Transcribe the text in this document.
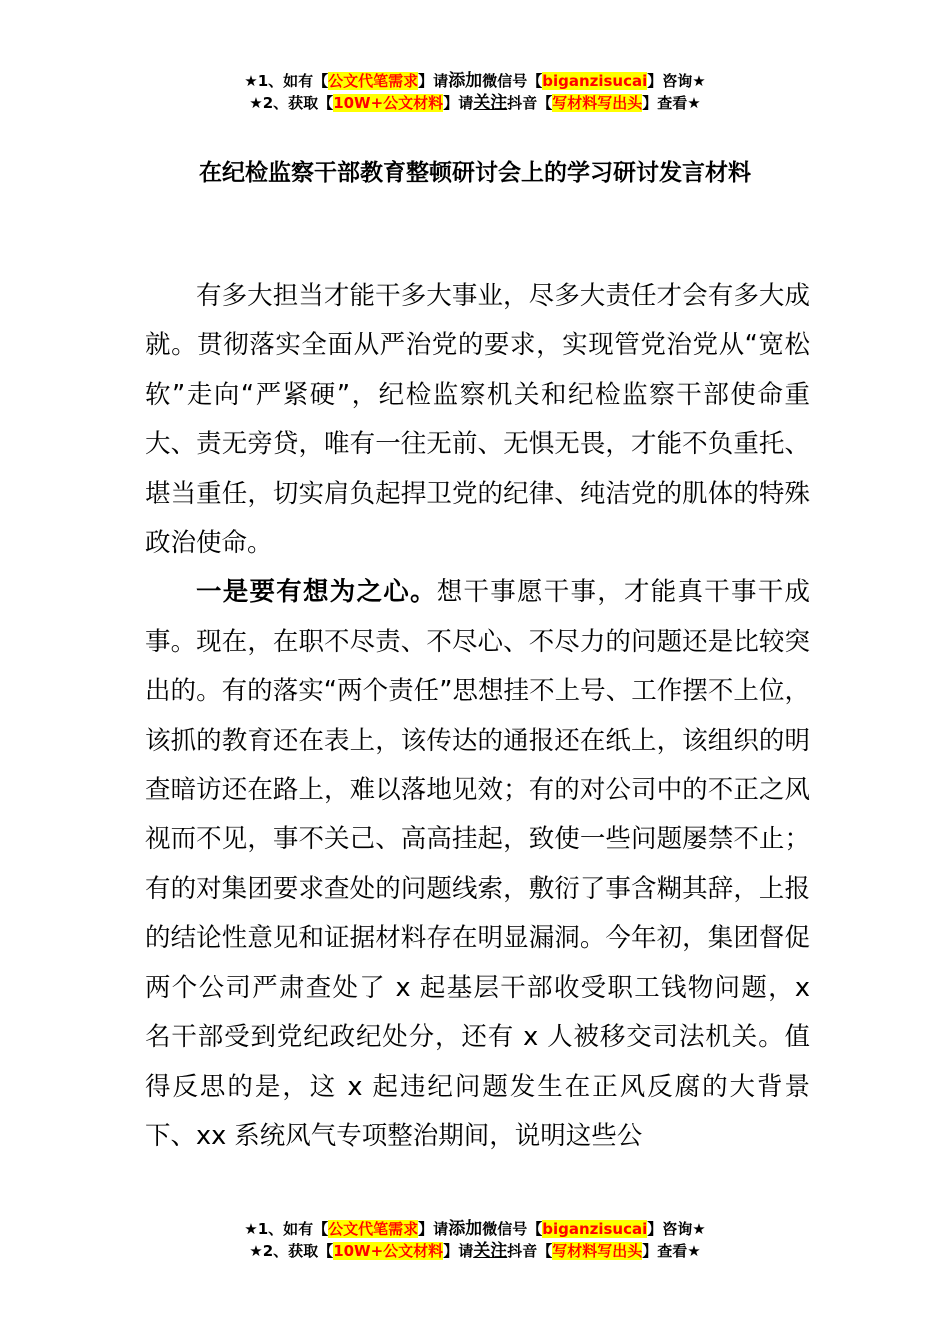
★1、如有【公文代笔需求】请添加微信号【biganzisucai】咨询★
★2、获取【10W+公文材料】请关注抖音【写材料写出头】查看★
在纪检监察干部教育整顿研讨会上的学习研讨发言材料

有多大担当才能干多大事业，尽多大责任才会有多大成就。贯彻落实全面从严治党的要求，实现管党治党从“宽松软”走向“严紧硬”，纪检监察机关和纪检监察干部使命重大、责无旁贷，唯有一往无前、无惧无畏，才能不负重托、堪当重任，切实肩负起捍卫党的纪律、纯洁党的肌体的特殊政治使命。

一是要有想为之心。想干事愿干事，才能真干事干成事。现在，在职不尽责、不尽心、不尽力的问题还是比较突出的。有的落实“两个责任”思想挂不上号、工作摆不上位，该抓的教育还在表上，该传达的通报还在纸上，该组织的明查暗访还在路上，难以落地见效；有的对公司中的不正之风视而不见，事不关己、高高挂起，致使一些问题屡禁不止；有的对集团要求查处的问题线索，敷衍了事含糊其辞，上报的结论性意见和证据材料存在明显漏洞。今年初，集团督促两个公司严肃查处了 x 起基层干部收受职工钱物问题，x 名干部受到党纪政纪处分，还有 x 人被移交司法机关。值得反思的是，这 x 起违纪问题发生在正风反腐的大背景下、xx 系统风气专项整治期间，说明这些公

★1、如有【公文代笔需求】请添加微信号【biganzisucai】咨询★
★2、获取【10W+公文材料】请关注抖音【写材料写出头】查看★
